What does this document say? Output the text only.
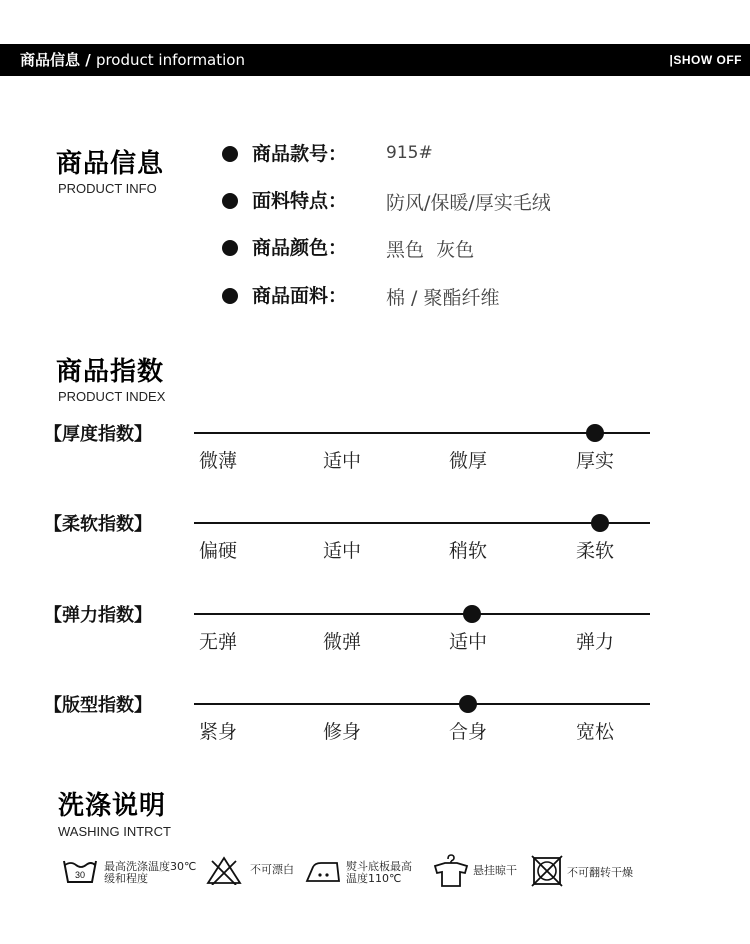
商品信息 / product information	|SHOW OFF
商品信息
PRODUCT INFO
商品款号： 915#
面料特点： 防风/保暖/厚实毛绒
商品颜色： 黑色  灰色
商品面料： 棉 / 聚酯纤维
商品指数
PRODUCT INDEX
【厚度指数】
微薄	适中	微厚	厚实
【柔软指数】
偏硬	适中	稍软	柔软
【弹力指数】
无弹	微弹	适中	弹力
【版型指数】
紧身	修身	合身	宽松
洗涤说明
WASHING INTRCT
30
最高洗涤温度30℃
缓和程度
不可漂白	熨斗底板最高
温度110℃
悬挂晾干	不可翻转干燥
